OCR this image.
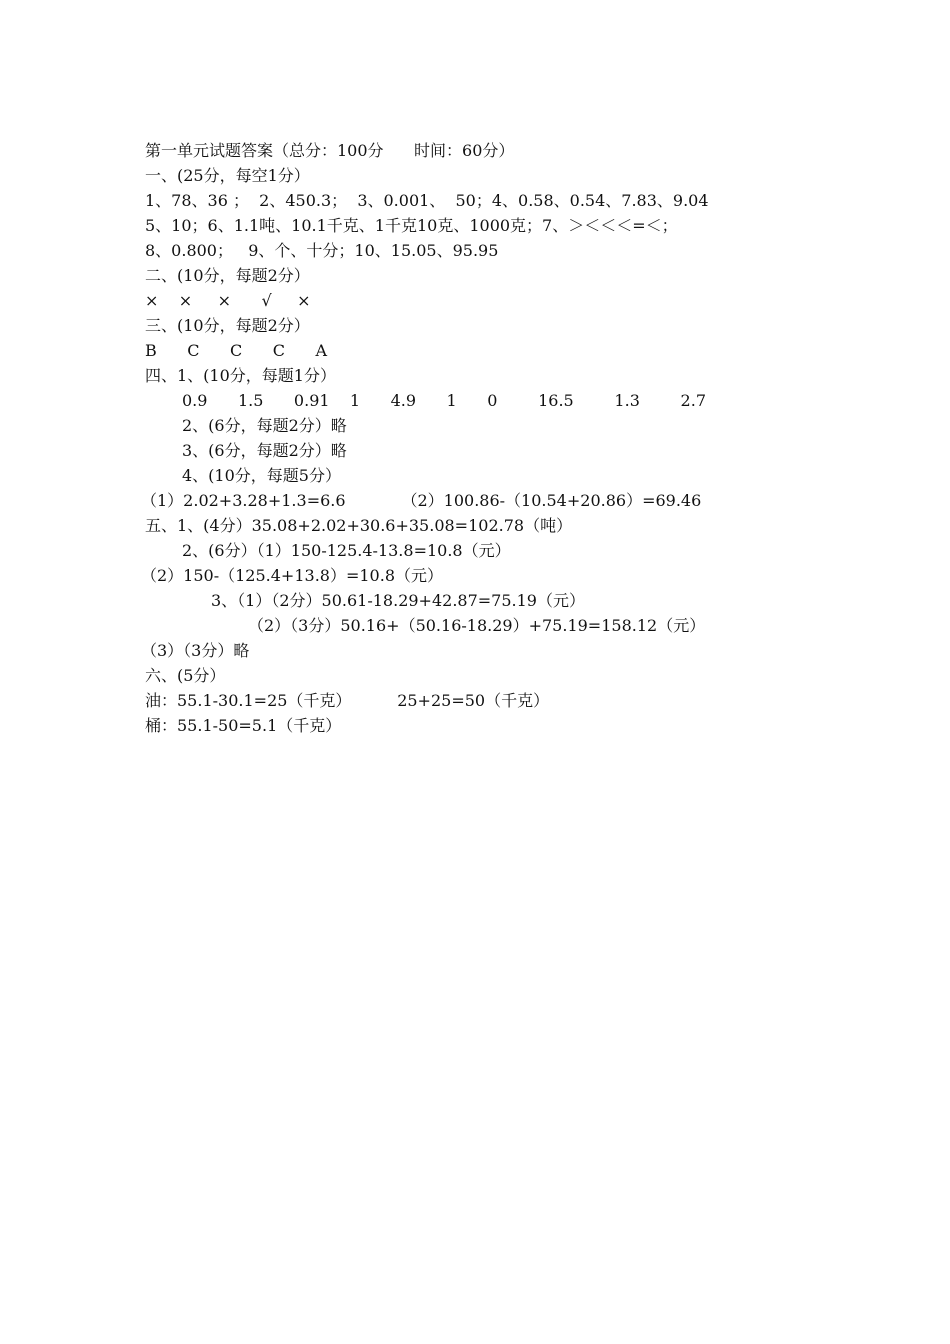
第一单元试题答案（总分：100分      时间：60分）
一、(25分，每空1分）
1、78、36 ；  2、450.3；  3、0.001、  50；4、0.58、0.54、7.83、9.04
5、10；6、1.1吨、10.1千克、1千克10克、1000克；7、＞＜＜＜=＜；
8、0.800；   9、个、十分；10、15.05、95.95
二、(10分，每题2分）
×    ×     ×      √     ×
三、(10分，每题2分）
B      C      C      C      A
四、1、(10分，每题1分）
0.9      1.5      0.91    1      4.9      1      0        16.5        1.3        2.7
2、(6分，每题2分）略
3、(6分，每题2分）略
4、(10分，每题5分）
（1）2.02+3.28+1.3=6.6           （2）100.86-（10.54+20.86）=69.46
五、1、(4分）35.08+2.02+30.6+35.08=102.78（吨）
2、(6分）（1）150-125.4-13.8=10.8（元）
（2）150-（125.4+13.8）=10.8（元）
3、（1）（2分）50.61-18.29+42.87=75.19（元）
（2）（3分）50.16+（50.16-18.29）+75.19=158.12（元）
（3）（3分）略
六、(5分）
油：55.1-30.1=25（千克）         25+25=50（千克）
桶：55.1-50=5.1（千克）
